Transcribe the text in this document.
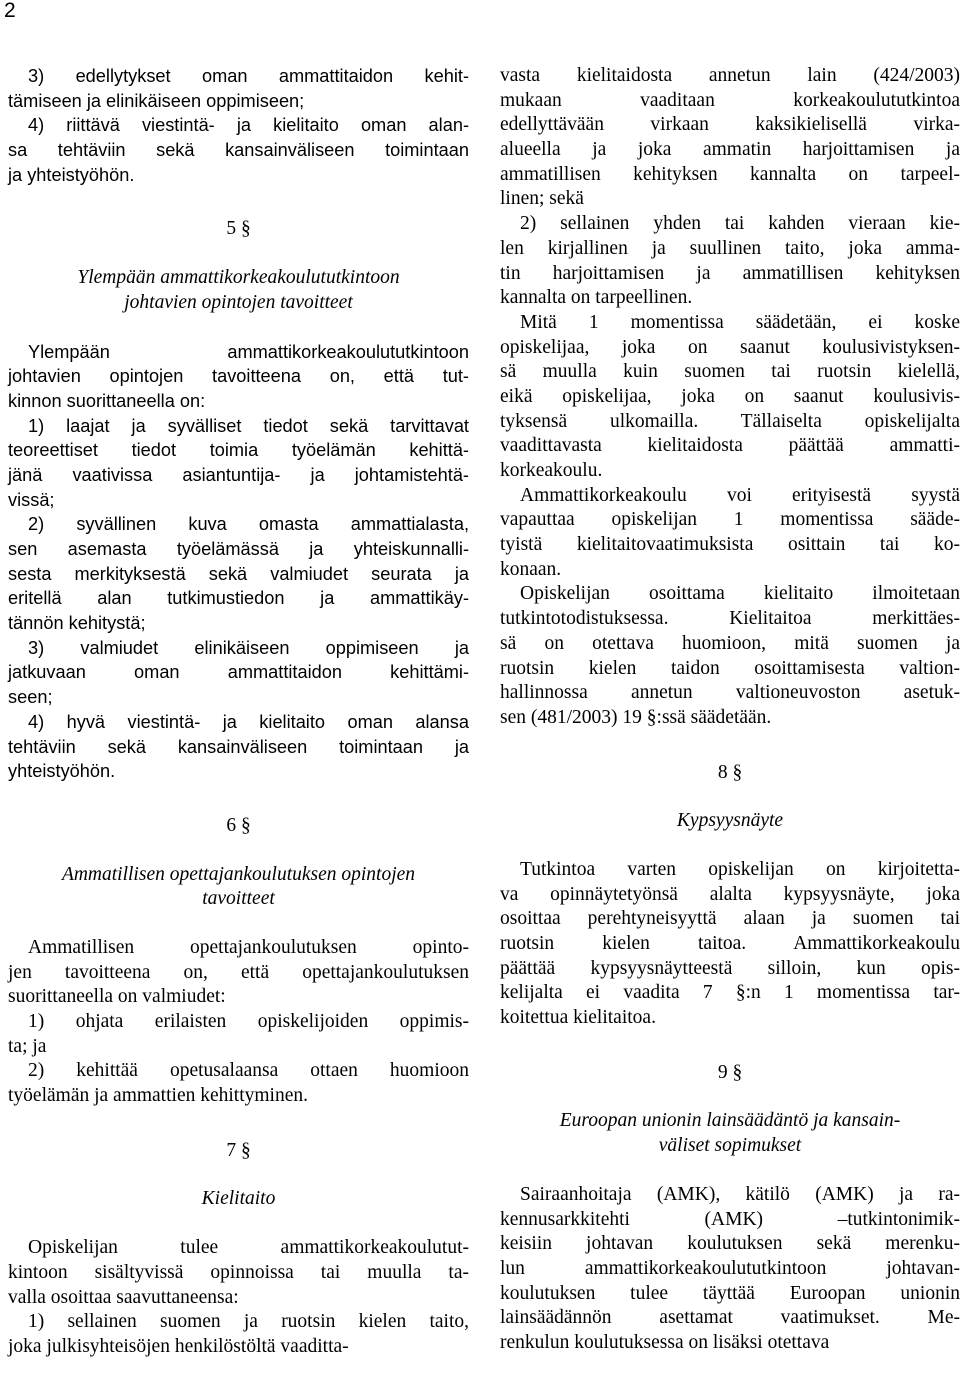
2
3) edellytykset oman ammattitaidon kehit-
tämiseen ja elinikäiseen oppimiseen;
4) riittävä viestintä- ja kielitaito oman alan-
sa tehtäviin sekä kansainväliseen toimintaan
ja yhteistyöhön.
5 §
Ylempään ammattikorkeakoulututkintoon
johtavien opintojen tavoitteet
Ylempään ammattikorkeakoulututkintoon
johtavien opintojen tavoitteena on, että tut-
kinnon suorittaneella on:
1) laajat ja syvälliset tiedot sekä tarvittavat
teoreettiset tiedot toimia työelämän kehittä-
jänä vaativissa asiantuntija- ja johtamistehtä-
vissä;
2) syvällinen kuva omasta ammattialasta,
sen asemasta työelämässä ja yhteiskunnalli-
sesta merkityksestä sekä valmiudet seurata ja
eritellä alan tutkimustiedon ja ammattikäy-
tännön kehitystä;
3) valmiudet elinikäiseen oppimiseen ja
jatkuvaan oman ammattitaidon kehittämi-
seen;
4) hyvä viestintä- ja kielitaito oman alansa
tehtäviin sekä kansainväliseen toimintaan ja
yhteistyöhön.
6 §
Ammatillisen opettajankoulutuksen opintojen
tavoitteet
Ammatillisen opettajankoulutuksen opinto-
jen tavoitteena on, että opettajankoulutuksen
suorittaneella on valmiudet:
1) ohjata erilaisten opiskelijoiden oppimis-
ta; ja
2) kehittää opetusalaansa ottaen huomioon
työelämän ja ammattien kehittyminen.
7 §
Kielitaito
Opiskelijan tulee ammattikorkeakoulutut-
kintoon sisältyvissä opinnoissa tai muulla ta-
valla osoittaa saavuttaneensa:
1) sellainen suomen ja ruotsin kielen taito,
joka julkisyhteisöjen henkilöstöltä vaaditta-
vasta kielitaidosta annetun lain (424/2003)
mukaan vaaditaan korkeakoulututkintoa
edellyttävään virkaan kaksikielisellä virka-
alueella ja joka ammatin harjoittamisen ja
ammatillisen kehityksen kannalta on tarpeel-
linen; sekä
2) sellainen yhden tai kahden vieraan kie-
len kirjallinen ja suullinen taito, joka amma-
tin harjoittamisen ja ammatillisen kehityksen
kannalta on tarpeellinen.
Mitä 1 momentissa säädetään, ei koske
opiskelijaa, joka on saanut koulusivistyksen-
sä muulla kuin suomen tai ruotsin kielellä,
eikä opiskelijaa, joka on saanut koulusivis-
tyksensä ulkomailla. Tällaiselta opiskelijalta
vaadittavasta kielitaidosta päättää ammatti-
korkeakoulu.
Ammattikorkeakoulu voi erityisestä syystä
vapauttaa opiskelijan 1 momentissa sääde-
tyistä kielitaitovaatimuksista osittain tai ko-
konaan.
Opiskelijan osoittama kielitaito ilmoitetaan
tutkintotodistuksessa. Kielitaitoa merkittäes-
sä on otettava huomioon, mitä suomen ja
ruotsin kielen taidon osoittamisesta valtion-
hallinnossa annetun valtioneuvoston asetuk-
sen (481/2003) 19 §:ssä säädetään.
8 §
Kypsyysnäyte
Tutkintoa varten opiskelijan on kirjoitetta-
va opinnäytetyönsä alalta kypsyysnäyte, joka
osoittaa perehtyneisyyttä alaan ja suomen tai
ruotsin kielen taitoa. Ammattikorkeakoulu
päättää kypsyysnäytteestä silloin, kun opis-
kelijalta ei vaadita 7 §:n 1 momentissa tar-
koitettua kielitaitoa.
9 §
Euroopan unionin lainsäädäntö ja kansain-
väliset sopimukset
Sairaanhoitaja (AMK), kätilö (AMK) ja ra-
kennusarkkitehti (AMK) –tutkintonimik-
keisiin johtavan koulutuksen sekä merenku-
lun ammattikorkeakoulututkintoon johtavan-
koulutuksen tulee täyttää Euroopan unionin
lainsäädännön asettamat vaatimukset. Me-
renkulun koulutuksessa on lisäksi otettava
